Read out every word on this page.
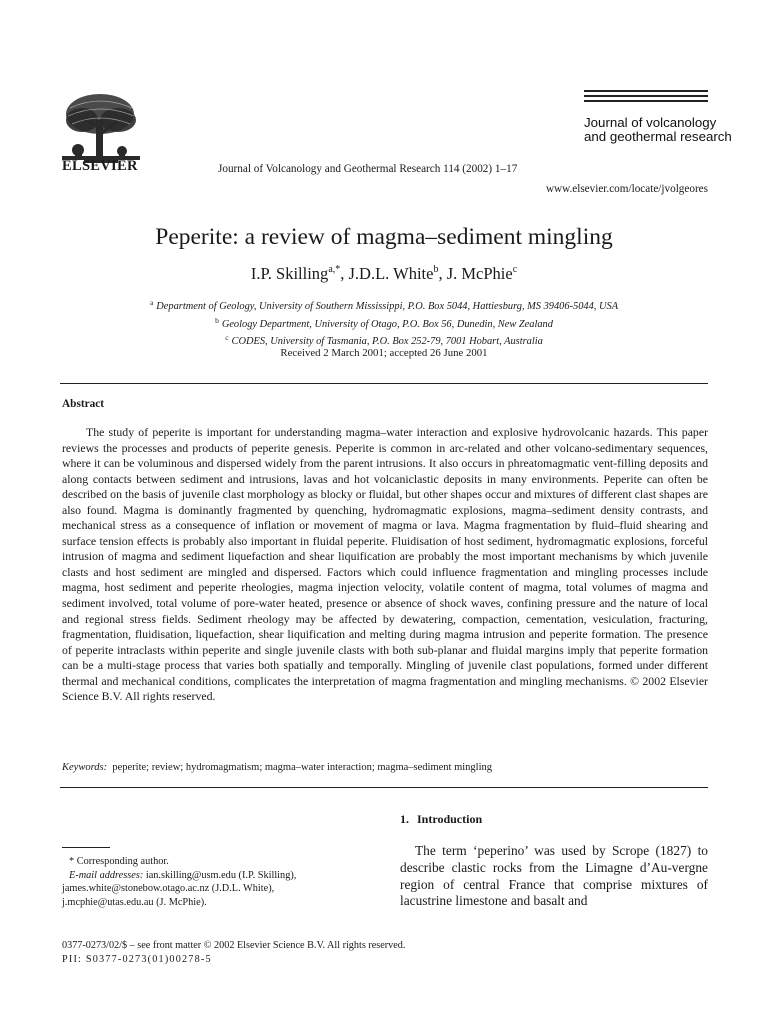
ELSEVIER
Journal of volcanology
and geothermal research
Journal of Volcanology and Geothermal Research 114 (2002) 1–17
www.elsevier.com/locate/jvolgeores
Peperite: a review of magma–sediment mingling
I.P. Skilling$^{a,*}$, J.D.L. White$^b$, J. McPhie$^c$
$^a$ Department of Geology, University of Southern Mississippi, P.O. Box 5044, Hattiesburg, MS 39406-5044, USA
$^b$ Geology Department, University of Otago, P.O. Box 56, Dunedin, New Zealand
$^c$ CODES, University of Tasmania, P.O. Box 252-79, 7001 Hobart, Australia
Received 2 March 2001; accepted 26 June 2001
Abstract

The study of peperite is important for understanding magma–water interaction and explosive hydrovolcanic hazards. This paper reviews the processes and products of peperite genesis. Peperite is common in arc-related and other volcano-sedimentary sequences, where it can be voluminous and dispersed widely from the parent intrusions. It also occurs in phreatomagmatic vent-filling deposits and along contacts between sediment and intrusions, lavas and hot volcaniclastic deposits in many environments. Peperite can often be described on the basis of juvenile clast morphology as blocky or fluidal, but other shapes occur and mixtures of different clast shapes are also found. Magma is dominantly fragmented by quenching, hydromagmatic explosions, magma–sediment density contrasts, and mechanical stress as a consequence of inflation or movement of magma or lava. Magma fragmentation by fluid–fluid shearing and surface tension effects is probably also important in fluidal peperite. Fluidisation of host sediment, hydromagmatic explosions, forceful intrusion of magma and sediment liquefaction and shear liquification are probably the most important mechanisms by which juvenile clasts and host sediment are mingled and dispersed. Factors which could influence fragmentation and mingling processes include magma, host sediment and peperite rheologies, magma injection velocity, volatile content of magma, total volumes of magma and sediment involved, total volume of pore-water heated, presence or absence of shock waves, confining pressure and the nature of local and regional stress fields. Sediment rheology may be affected by dewatering, compaction, cementation, vesiculation, fracturing, fragmentation, fluidisation, liquefaction, shear liquification and melting during magma intrusion and peperite formation. The presence of peperite intraclasts within peperite and single juvenile clasts with both sub-planar and fluidal margins imply that peperite formation can be a multi-stage process that varies both spatially and temporally. Mingling of juvenile clast populations, formed under different thermal and mechanical conditions, complicates the interpretation of magma fragmentation and mingling mechanisms. © 2002 Elsevier Science B.V. All rights reserved.

Keywords: peperite; review; hydromagmatism; magma–water interaction; magma–sediment mingling
* Corresponding author.
E-mail addresses: ian.skilling@usm.edu (I.P. Skilling),
james.white@stonebow.otago.ac.nz (J.D.L. White),
j.mcphie@utas.edu.au (J. McPhie).
1. Introduction

The term ‘peperino’ was used by Scrope (1827) to describe clastic rocks from the Limagne d’Au-vergne region of central France that comprise mixtures of lacustrine limestone and basalt and

0377-0273/02/$ – see front matter © 2002 Elsevier Science B.V. All rights reserved.
PII: S0377-0273(01)00278-5
